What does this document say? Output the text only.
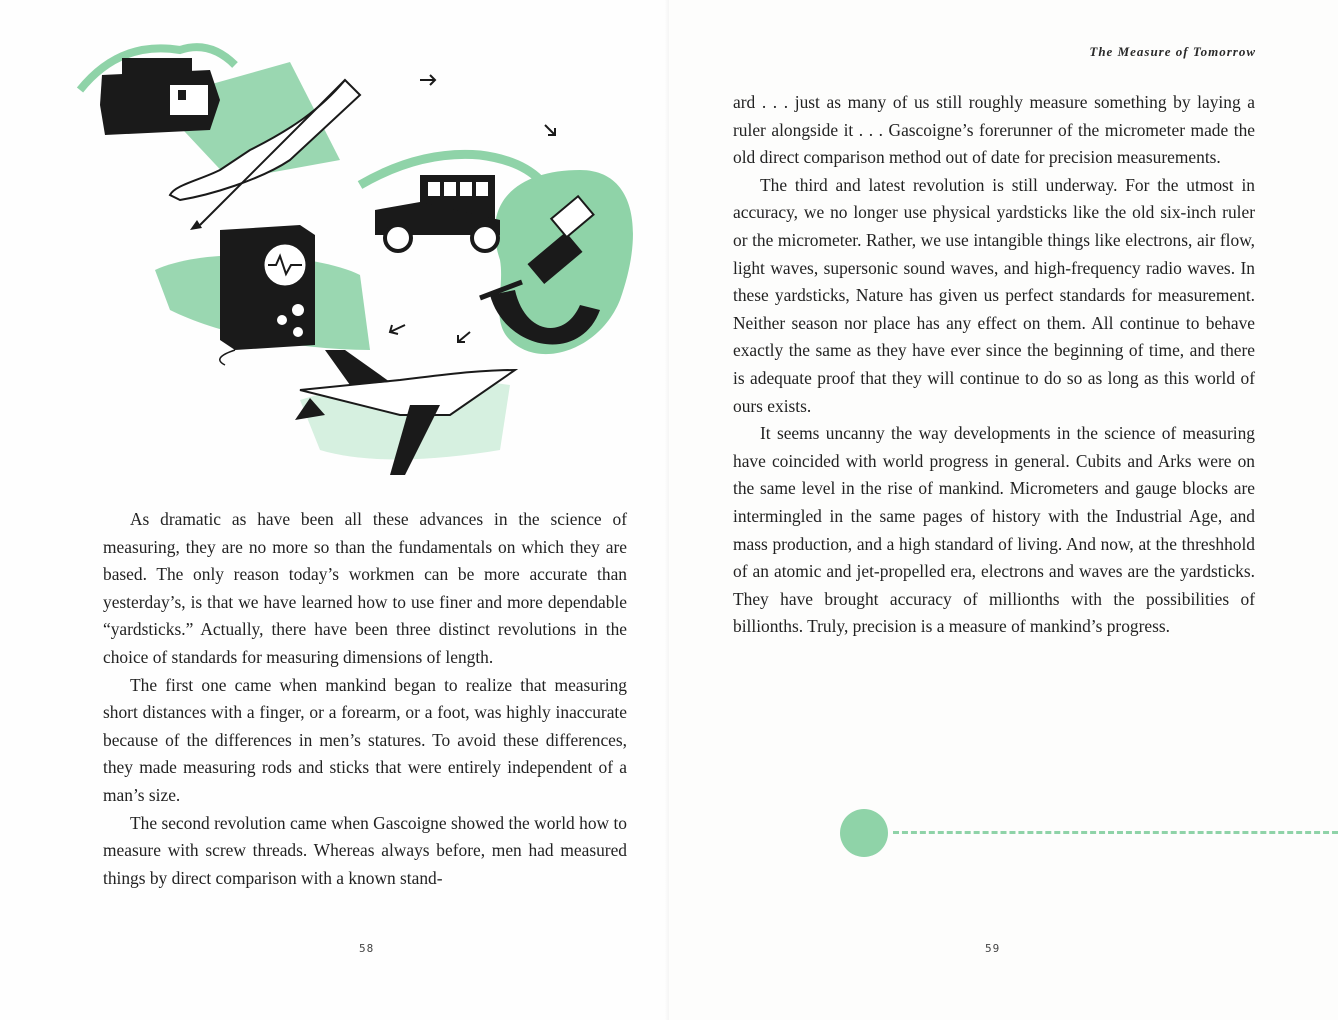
As dramatic as have been all these advances in the science of measuring, they are no more so than the fundamentals on which they are based. The only reason today’s workmen can be more accurate than yesterday’s, is that we have learned how to use finer and more dependable “yardsticks.” Actually, there have been three distinct revolutions in the choice of standards for measuring dimensions of length.

The first one came when mankind began to realize that measuring short distances with a finger, or a forearm, or a foot, was highly inaccurate because of the differences in men’s statures. To avoid these differences, they made measuring rods and sticks that were entirely independent of a man’s size.

The second revolution came when Gascoigne showed the world how to measure with screw threads. Whereas always before, men had measured things by direct comparison with a known stand-

58
The Measure of Tomorrow

ard . . . just as many of us still roughly measure something by laying a ruler alongside it . . . Gascoigne’s forerunner of the micrometer made the old direct comparison method out of date for precision measurements.

The third and latest revolution is still underway. For the utmost in accuracy, we no longer use physical yardsticks like the old six-inch ruler or the micrometer. Rather, we use intangible things like electrons, air flow, light waves, supersonic sound waves, and high-frequency radio waves. In these yardsticks, Nature has given us perfect standards for measurement. Neither season nor place has any effect on them. All continue to behave exactly the same as they have ever since the beginning of time, and there is adequate proof that they will continue to do so as long as this world of ours exists.

It seems uncanny the way developments in the science of measuring have coincided with world progress in general. Cubits and Arks were on the same level in the rise of mankind. Micrometers and gauge blocks are intermingled in the same pages of history with the Industrial Age, and mass production, and a high standard of living. And now, at the threshhold of an atomic and jet-propelled era, electrons and waves are the yardsticks. They have brought accuracy of millionths with the possibilities of billionths. Truly, precision is a measure of mankind’s progress.

59
